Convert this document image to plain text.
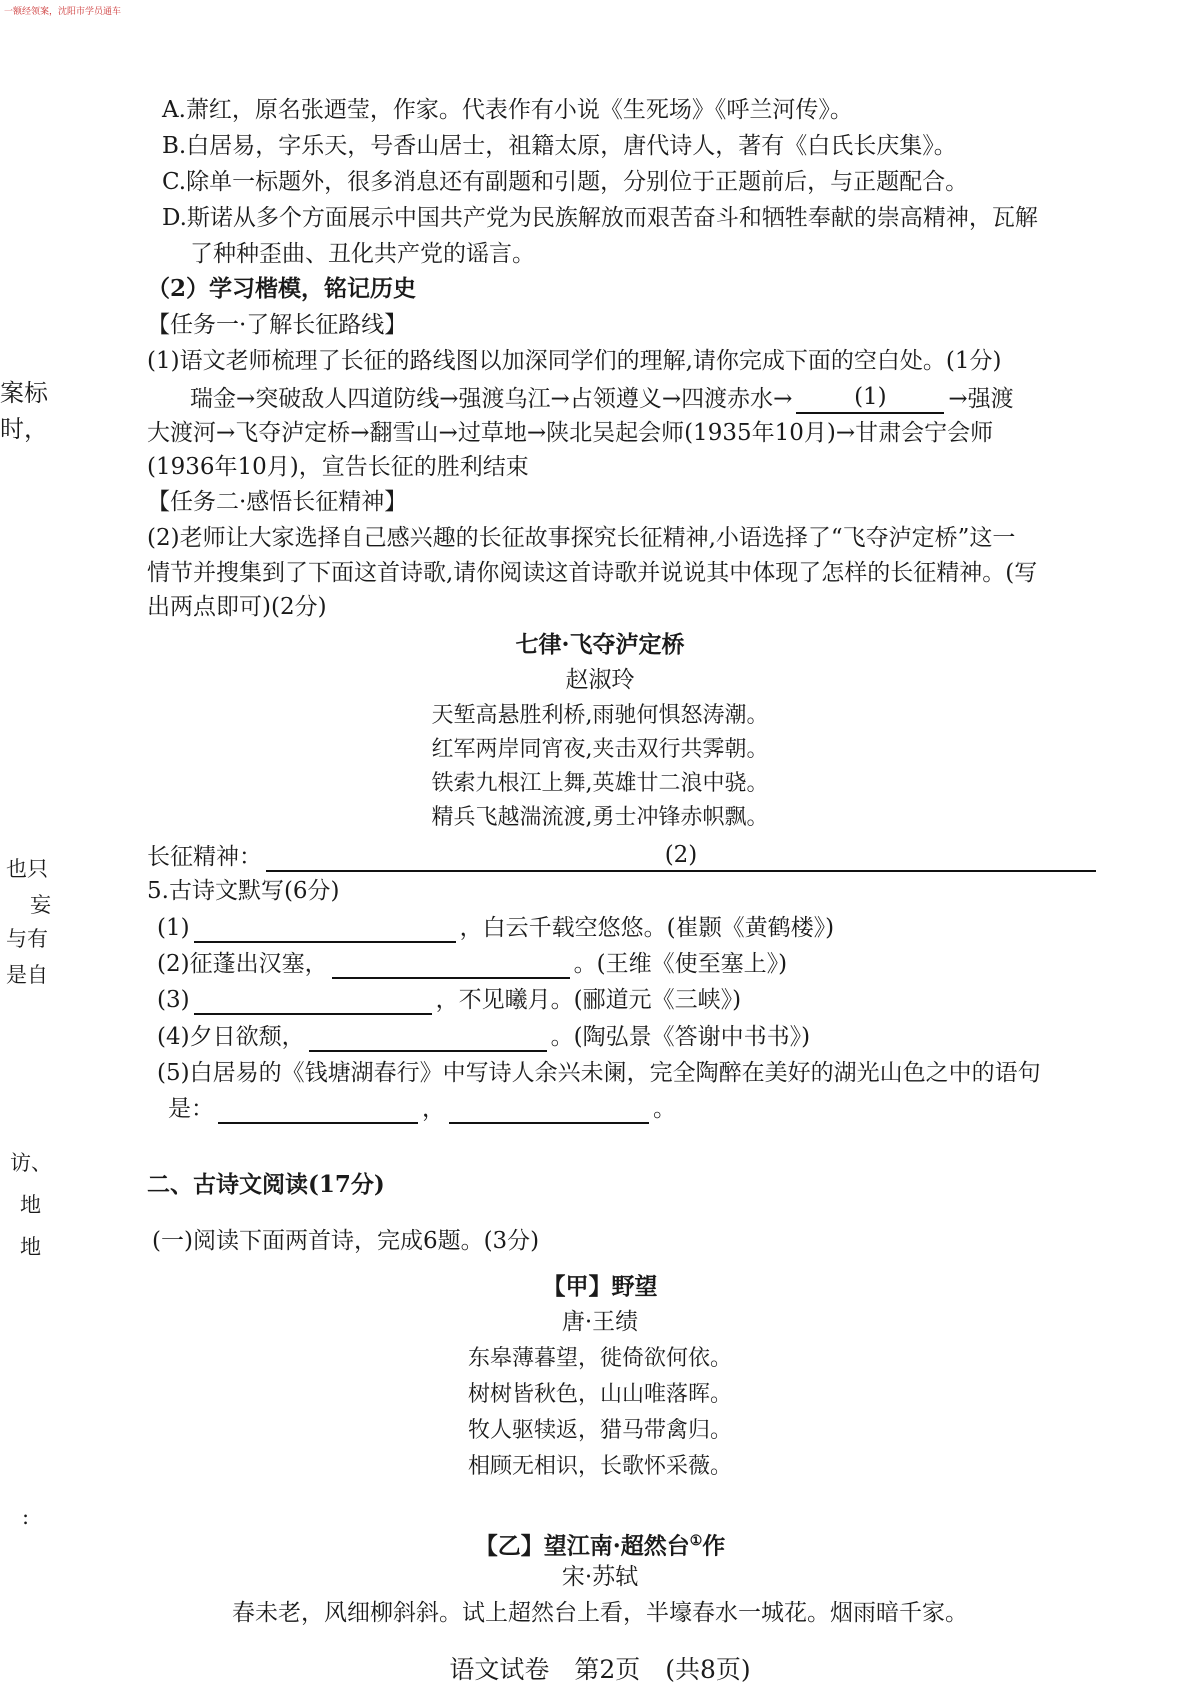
一额经领案，沈阳市学员通车
案标
时，
也只
妄
与有
是自
访、
地
地
:
A.萧红，原名张迺莹，作家。代表作有小说《生死场》《呼兰河传》。
B.白居易，字乐天，号香山居士，祖籍太原，唐代诗人，著有《白氏长庆集》。
C.除单一标题外，很多消息还有副题和引题，分别位于正题前后，与正题配合。
D.斯诺从多个方面展示中国共产党为民族解放而艰苦奋斗和牺牲奉献的崇高精神，瓦解
了种种歪曲、丑化共产党的谣言。
（2）学习楷模，铭记历史
【任务一·了解长征路线】
(1)语文老师梳理了长征的路线图以加深同学们的理解,请你完成下面的空白处。(1分)
瑞金→突破敌人四道防线→强渡乌江→占领遵义→四渡赤水→	(1)	→强渡
大渡河→飞夺泸定桥→翻雪山→过草地→陕北吴起会师(1935年10月)→甘肃会宁会师
(1936年10月)，宣告长征的胜利结束
【任务二·感悟长征精神】
(2)老师让大家选择自己感兴趣的长征故事探究长征精神,小语选择了“飞夺泸定桥”这一
情节并搜集到了下面这首诗歌,请你阅读这首诗歌并说说其中体现了怎样的长征精神。(写
出两点即可)(2分)
七律·飞夺泸定桥
赵淑玲
天堑高悬胜利桥,雨驰何惧怒涛潮。
红军两岸同宵夜,夹击双行共霁朝。
铁索九根江上舞,英雄廿二浪中骁。
精兵飞越湍流渡,勇士冲锋赤帜飘。
长征精神：	(2)
5.古诗文默写(6分)
(1)	，白云千载空悠悠。(崔颢《黄鹤楼》)
(2)征蓬出汉塞，	。(王维《使至塞上》)
(3)	，不见曦月。(郦道元《三峡》)
(4)夕日欲颓，	。(陶弘景《答谢中书书》)
(5)白居易的《钱塘湖春行》中写诗人余兴未阑，完全陶醉在美好的湖光山色之中的语句
是：	，	。
二、古诗文阅读(17分)
(一)阅读下面两首诗，完成6题。(3分)
【甲】野望
唐·王绩
东皋薄暮望，徙倚欲何依。
树树皆秋色，山山唯落晖。
牧人驱犊返，猎马带禽归。
相顾无相识，长歌怀采薇。
【乙】望江南·超然台①作
宋·苏轼
春未老，风细柳斜斜。试上超然台上看，半壕春水一城花。烟雨暗千家。
语文试卷　第2页　(共8页)
